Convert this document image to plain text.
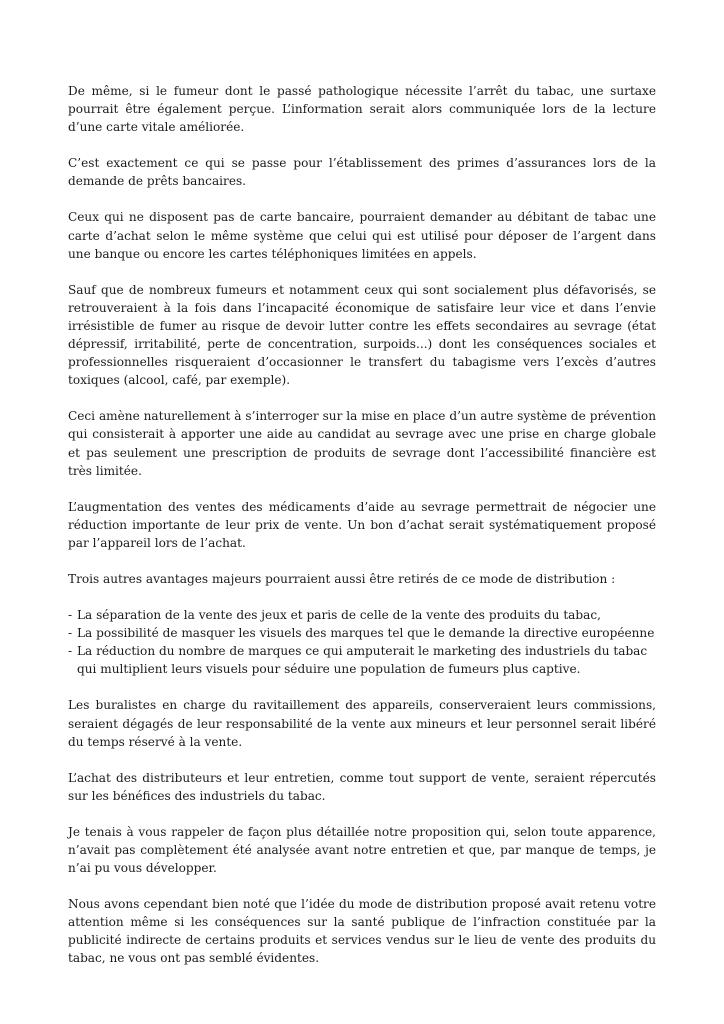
De même, si le fumeur dont le passé pathologique nécessite l’arrêt du tabac, une surtaxe pourrait être également perçue. L’information serait alors communiquée lors de la lecture d’une carte vitale améliorée.

C’est exactement ce qui se passe pour l’établissement des primes d’assurances lors de la demande de prêts bancaires.

Ceux qui ne disposent pas de carte bancaire, pourraient demander au débitant de tabac une carte d’achat selon le même système que celui qui est utilisé pour déposer de l’argent dans une banque ou encore les cartes téléphoniques limitées en appels.

Sauf que de nombreux fumeurs et notamment ceux qui sont socialement plus défavorisés, se retrouveraient à la fois dans l’incapacité économique de satisfaire leur vice et dans l’envie irrésistible de fumer au risque de devoir lutter contre les effets secondaires au sevrage (état dépressif, irritabilité, perte de concentration, surpoids...) dont les conséquences sociales et professionnelles risqueraient d’occasionner le transfert du tabagisme vers l’excès d’autres toxiques (alcool, café, par exemple).

Ceci amène naturellement à s’interroger sur la mise en place d’un autre système de prévention qui consisterait à apporter une aide au candidat au sevrage avec une prise en charge globale et pas seulement une prescription de produits de sevrage dont l’accessibilité financière est très limitée.

L’augmentation des ventes des médicaments d’aide au sevrage permettrait de négocier une réduction importante de leur prix de vente. Un bon d’achat serait systématiquement proposé par l’appareil lors de l’achat.

Trois autres avantages majeurs pourraient aussi être retirés de ce mode de distribution :

- La séparation de la vente des jeux et paris de celle de la vente des produits du tabac,
- La possibilité de masquer les visuels des marques tel que le demande la directive européenne
- La réduction du nombre de marques ce qui amputerait le marketing des industriels du tabac qui multiplient leurs visuels pour séduire une population de fumeurs plus captive.

Les buralistes en charge du ravitaillement des appareils, conserveraient leurs commissions, seraient dégagés de leur responsabilité de la vente aux mineurs et leur personnel serait libéré du temps réservé à la vente.

L’achat des distributeurs et leur entretien, comme tout support de vente, seraient répercutés sur les bénéfices des industriels du tabac.

Je tenais à vous rappeler de façon plus détaillée notre proposition qui, selon toute apparence, n’avait pas complètement été analysée avant notre entretien et que, par manque de temps, je n’ai pu vous développer.

Nous avons cependant bien noté que l’idée du mode de distribution proposé avait retenu votre attention même si les conséquences sur la santé publique de l’infraction constituée par la publicité indirecte de certains produits et services vendus sur le lieu de vente des produits du tabac, ne vous ont pas semblé évidentes.
